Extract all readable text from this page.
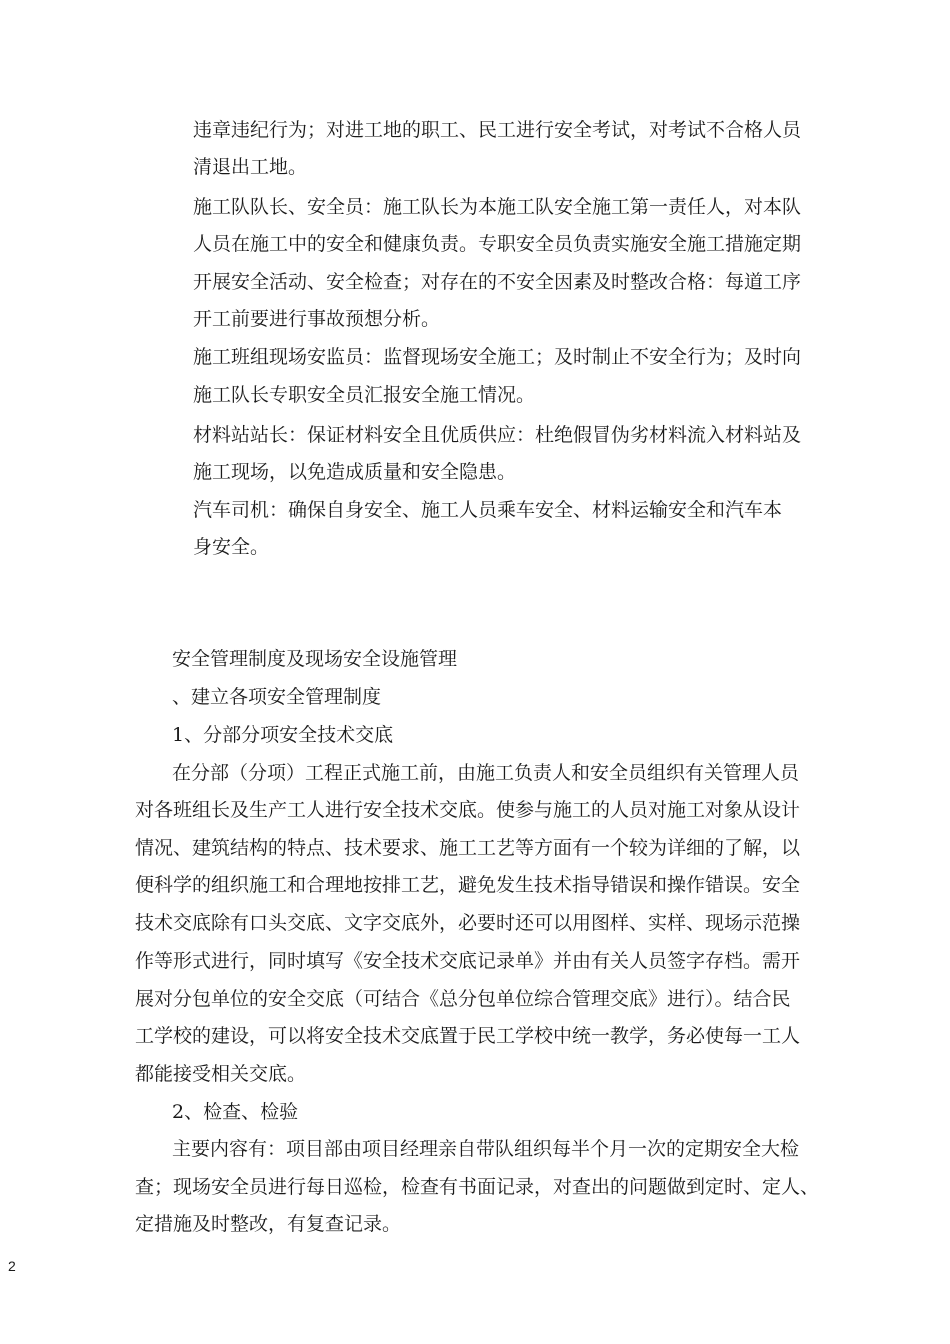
违章违纪行为；对进工地的职工、民工进行安全考试，对考试不合格人员
清退出工地。
施工队队长、安全员：施工队长为本施工队安全施工第一责任人，对本队
人员在施工中的安全和健康负责。专职安全员负责实施安全施工措施定期
开展安全活动、安全检查；对存在的不安全因素及时整改合格：每道工序
开工前要进行事故预想分析。
施工班组现场安监员：监督现场安全施工；及时制止不安全行为；及时向
施工队长专职安全员汇报安全施工情况。
材料站站长：保证材料安全且优质供应：杜绝假冒伪劣材料流入材料站及
施工现场，以免造成质量和安全隐患。
汽车司机：确保自身安全、施工人员乘车安全、材料运输安全和汽车本
身安全。
安全管理制度及现场安全设施管理
、建立各项安全管理制度
1、分部分项安全技术交底
在分部（分项）工程正式施工前，由施工负责人和安全员组织有关管理人员
对各班组长及生产工人进行安全技术交底。使参与施工的人员对施工对象从设计
情况、建筑结构的特点、技术要求、施工工艺等方面有一个较为详细的了解，以
便科学的组织施工和合理地按排工艺，避免发生技术指导错误和操作错误。安全
技术交底除有口头交底、文字交底外，必要时还可以用图样、实样、现场示范操
作等形式进行，同时填写《安全技术交底记录单》并由有关人员签字存档。需开
展对分包单位的安全交底（可结合《总分包单位综合管理交底》进行）。结合民
工学校的建设，可以将安全技术交底置于民工学校中统一教学，务必使每一工人
都能接受相关交底。
2、检查、检验
主要内容有：项目部由项目经理亲自带队组织每半个月一次的定期安全大检
查；现场安全员进行每日巡检，检查有书面记录，对查出的问题做到定时、定人、
定措施及时整改，有复查记录。
2
